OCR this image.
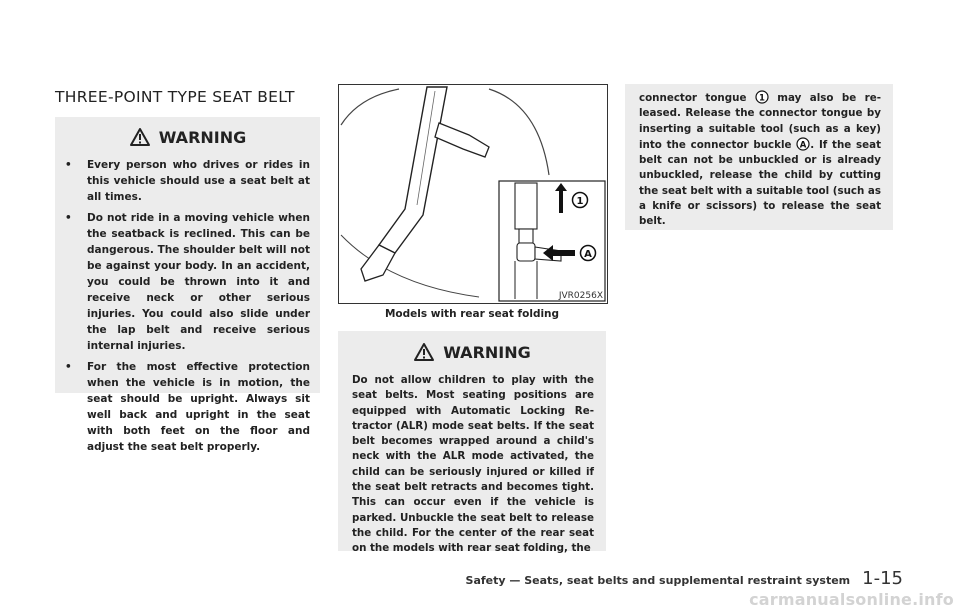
THREE-POINT TYPE SEAT BELT
WARNING
• Every person who drives or rides in this vehicle should use a seat belt at all times.
• Do not ride in a moving vehicle when the seatback is reclined. This can be dangerous. The shoulder belt will not be against your body. In an accident, you could be thrown into it and receive neck or other serious injuries. You could also slide under the lap belt and receive serious internal injuries.
• For the most effective protection when the vehicle is in motion, the seat should be upright. Always sit well back and upright in the seat with both feet on the floor and adjust the seat belt properly.
1
A
JVR0256X
Models with rear seat folding
WARNING

Do not allow children to play with the seat belts. Most seating positions are equipped with Automatic Locking Re-tractor (ALR) mode seat belts. If the seat belt becomes wrapped around a child's neck with the ALR mode activated, the child can be seriously injured or killed if the seat belt retracts and becomes tight. This can occur even if the vehicle is parked. Unbuckle the seat belt to release the child. For the center of the rear seat on the models with rear seat folding, the

connector tongue 1 may also be re-leased. Release the connector tongue by inserting a suitable tool (such as a key) into the connector buckle A . If the seat belt can not be unbuckled or is already unbuckled, release the child by cutting the seat belt with a suitable tool (such as a knife or scissors) to release the seat belt.

Safety — Seats, seat belts and supplemental restraint system 1-15
carmanualsonline.info
